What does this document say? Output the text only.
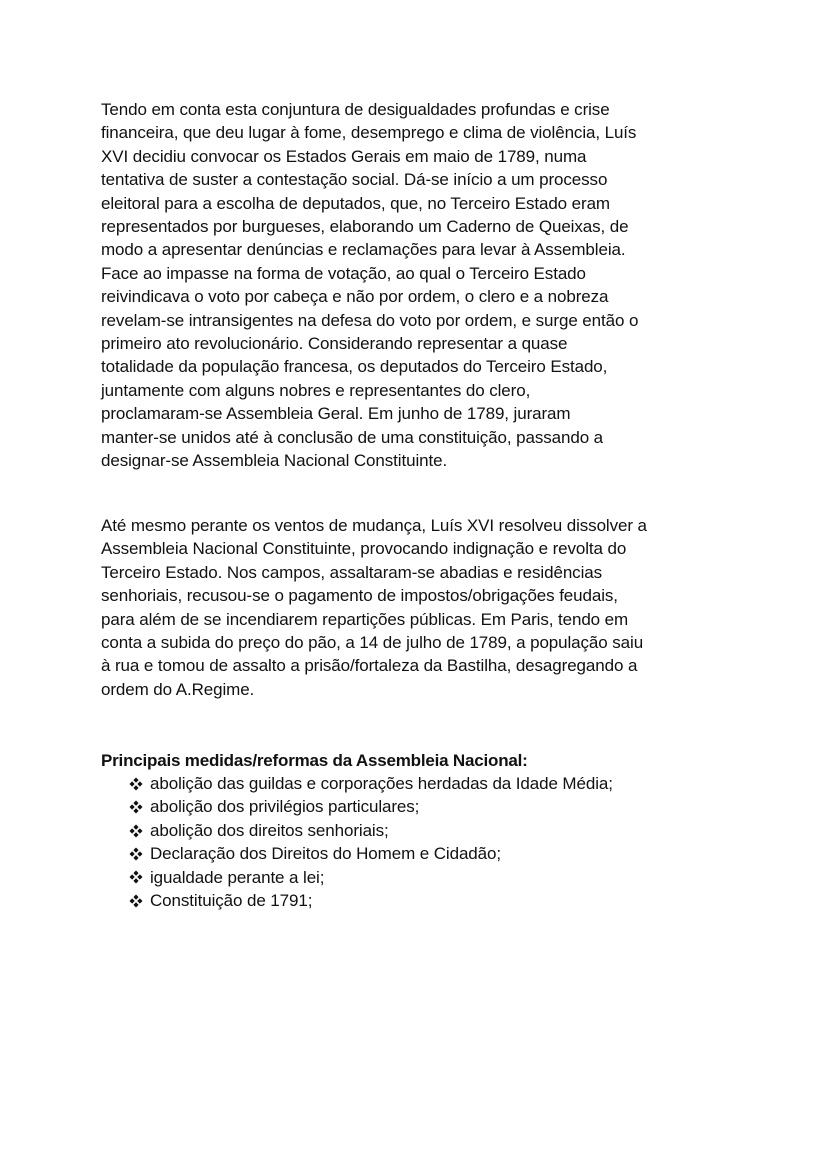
Tendo em conta esta conjuntura de desigualdades profundas e crise
financeira, que deu lugar à fome, desemprego e clima de violência, Luís
XVI decidiu convocar os Estados Gerais em maio de 1789, numa
tentativa de suster a contestação social. Dá-se início a um processo
eleitoral para a escolha de deputados, que, no Terceiro Estado eram
representados por burgueses, elaborando um Caderno de Queixas, de
modo a apresentar denúncias e reclamações para levar à Assembleia.
Face ao impasse na forma de votação, ao qual o Terceiro Estado
reivindicava o voto por cabeça e não por ordem, o clero e a nobreza
revelam-se intransigentes na defesa do voto por ordem, e surge então o
primeiro ato revolucionário. Considerando representar a quase
totalidade da população francesa, os deputados do Terceiro Estado,
juntamente com alguns nobres e representantes do clero,
proclamaram-se Assembleia Geral. Em junho de 1789, juraram
manter-se unidos até à conclusão de uma constituição, passando a
designar-se Assembleia Nacional Constituinte.

Até mesmo perante os ventos de mudança, Luís XVI resolveu dissolver a
Assembleia Nacional Constituinte, provocando indignação e revolta do
Terceiro Estado. Nos campos, assaltaram-se abadias e residências
senhoriais, recusou-se o pagamento de impostos/obrigações feudais,
para além de se incendiarem repartições públicas. Em Paris, tendo em
conta a subida do preço do pão, a 14 de julho de 1789, a população saiu
à rua e tomou de assalto a prisão/fortaleza da Bastilha, desagregando a
ordem do A.Regime.

Principais medidas/reformas da Assembleia Nacional:

abolição das guildas e corporações herdadas da Idade Média;
abolição dos privilégios particulares;
abolição dos direitos senhoriais;
Declaração dos Direitos do Homem e Cidadão;
igualdade perante a lei;
Constituição de 1791;
